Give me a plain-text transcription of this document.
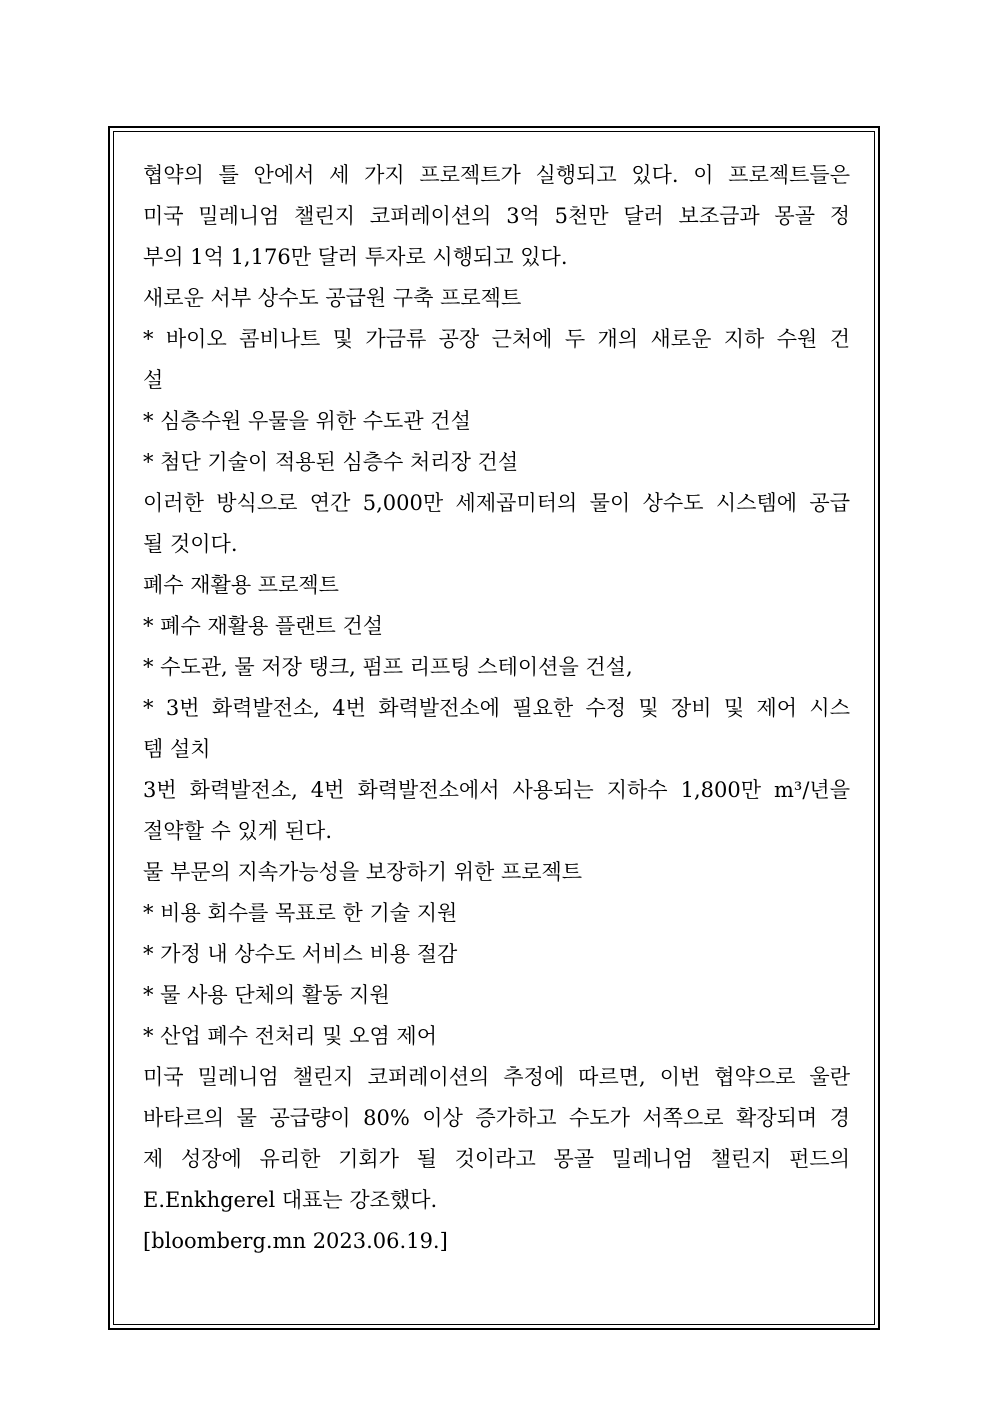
협약의 틀 안에서 세 가지 프로젝트가 실행되고 있다. 이 프로젝트들은
미국 밀레니엄 챌린지 코퍼레이션의 3억 5천만 달러 보조금과 몽골 정
부의 1억 1,176만 달러 투자로 시행되고 있다.
새로운 서부 상수도 공급원 구축 프로젝트
* 바이오 콤비나트 및 가금류 공장 근처에 두 개의 새로운 지하 수원 건
설
* 심층수원 우물을 위한 수도관 건설
* 첨단 기술이 적용된 심층수 처리장 건설
이러한 방식으로 연간 5,000만 세제곱미터의 물이 상수도 시스템에 공급
될 것이다.
폐수 재활용 프로젝트
* 폐수 재활용 플랜트 건설
* 수도관, 물 저장 탱크, 펌프 리프팅 스테이션을 건설,
* 3번 화력발전소, 4번 화력발전소에 필요한 수정 및 장비 및 제어 시스
템 설치
3번 화력발전소, 4번 화력발전소에서 사용되는 지하수 1,800만 m³/년을
절약할 수 있게 된다.
물 부문의 지속가능성을 보장하기 위한 프로젝트
* 비용 회수를 목표로 한 기술 지원
* 가정 내 상수도 서비스 비용 절감
* 물 사용 단체의 활동 지원
* 산업 폐수 전처리 및 오염 제어
미국 밀레니엄 챌린지 코퍼레이션의 추정에 따르면, 이번 협약으로 울란
바타르의 물 공급량이 80% 이상 증가하고 수도가 서쪽으로 확장되며 경
제 성장에 유리한 기회가 될 것이라고 몽골 밀레니엄 챌린지 펀드의
E.Enkhgerel 대표는 강조했다.
[bloomberg.mn 2023.06.19.]
